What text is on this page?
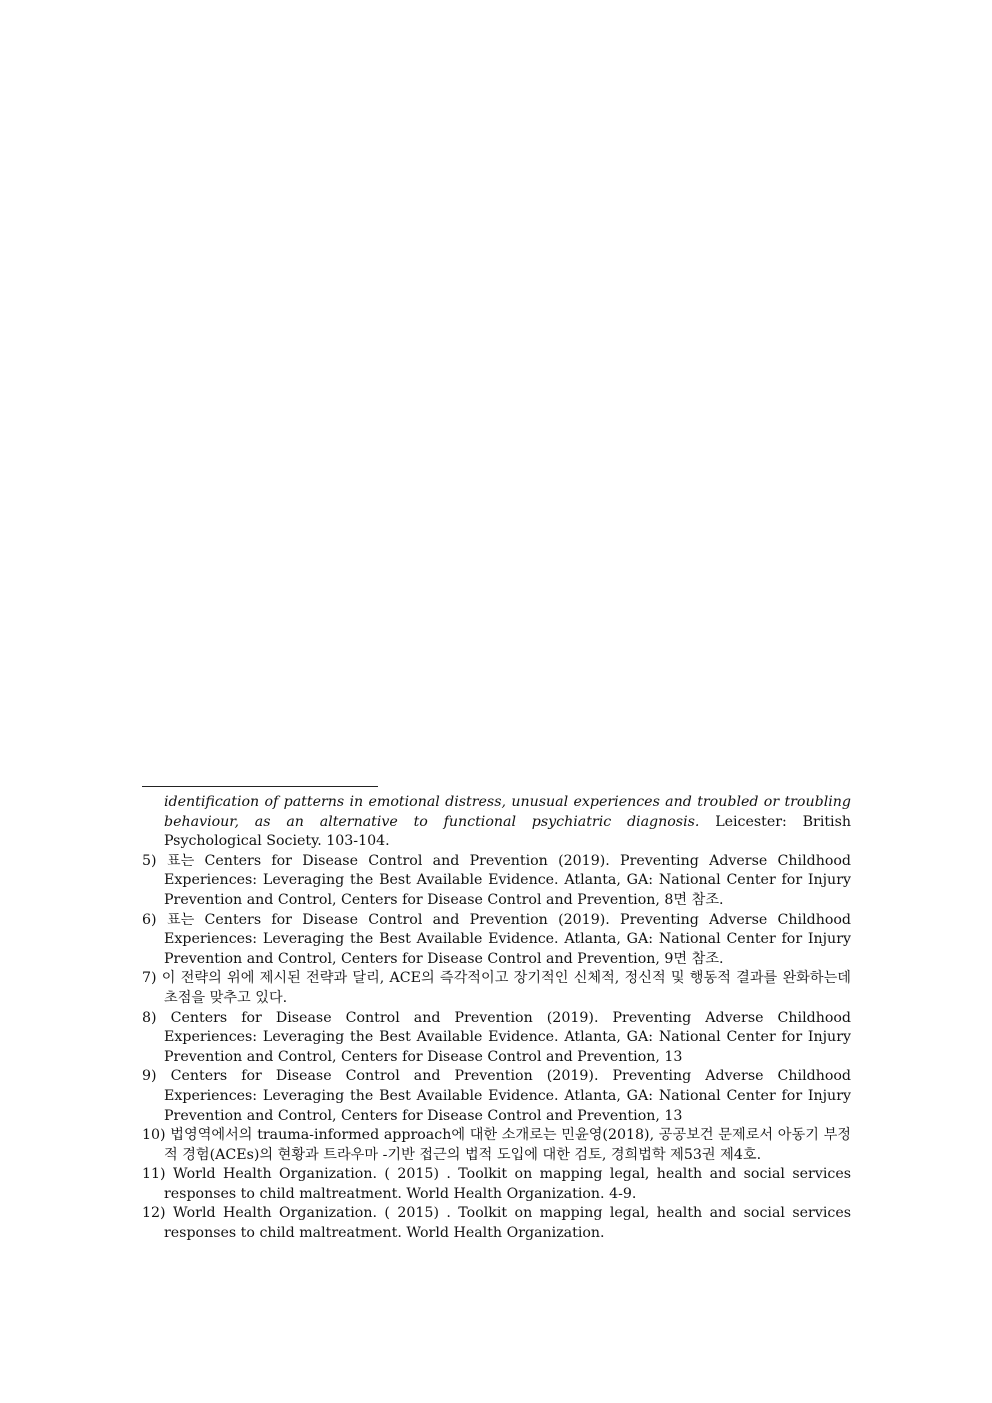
identification of patterns in emotional distress, unusual experiences and troubled or troubling behaviour, as an alternative to functional psychiatric diagnosis. Leicester: British Psychological Society. 103-104.

5) 표는 Centers for Disease Control and Prevention (2019). Preventing Adverse Childhood Experiences: Leveraging the Best Available Evidence. Atlanta, GA: National Center for Injury Prevention and Control, Centers for Disease Control and Prevention, 8면 참조.

6) 표는 Centers for Disease Control and Prevention (2019). Preventing Adverse Childhood Experiences: Leveraging the Best Available Evidence. Atlanta, GA: National Center for Injury Prevention and Control, Centers for Disease Control and Prevention, 9면 참조.

7) 이 전략의 위에 제시된 전략과 달리, ACE의 즉각적이고 장기적인 신체적, 정신적 및 행동적 결과를 완화하는데 초점을 맞추고 있다.

8) Centers for Disease Control and Prevention (2019). Preventing Adverse Childhood Experiences: Leveraging the Best Available Evidence. Atlanta, GA: National Center for Injury Prevention and Control, Centers for Disease Control and Prevention, 13

9) Centers for Disease Control and Prevention (2019). Preventing Adverse Childhood Experiences: Leveraging the Best Available Evidence. Atlanta, GA: National Center for Injury Prevention and Control, Centers for Disease Control and Prevention, 13

10) 법영역에서의 trauma-informed approach에 대한 소개로는 민윤영(2018), 공공보건 문제로서 아동기 부정적 경험(ACEs)의 현황과 트라우마 -기반 접근의 법적 도입에 대한 검토, 경희법학 제53권 제4호.

11) World Health Organization. ( 2015) . Toolkit on mapping legal, health and social services responses to child maltreatment. World Health Organization. 4-9.

12) World Health Organization. ( 2015) . Toolkit on mapping legal, health and social services responses to child maltreatment. World Health Organization.
